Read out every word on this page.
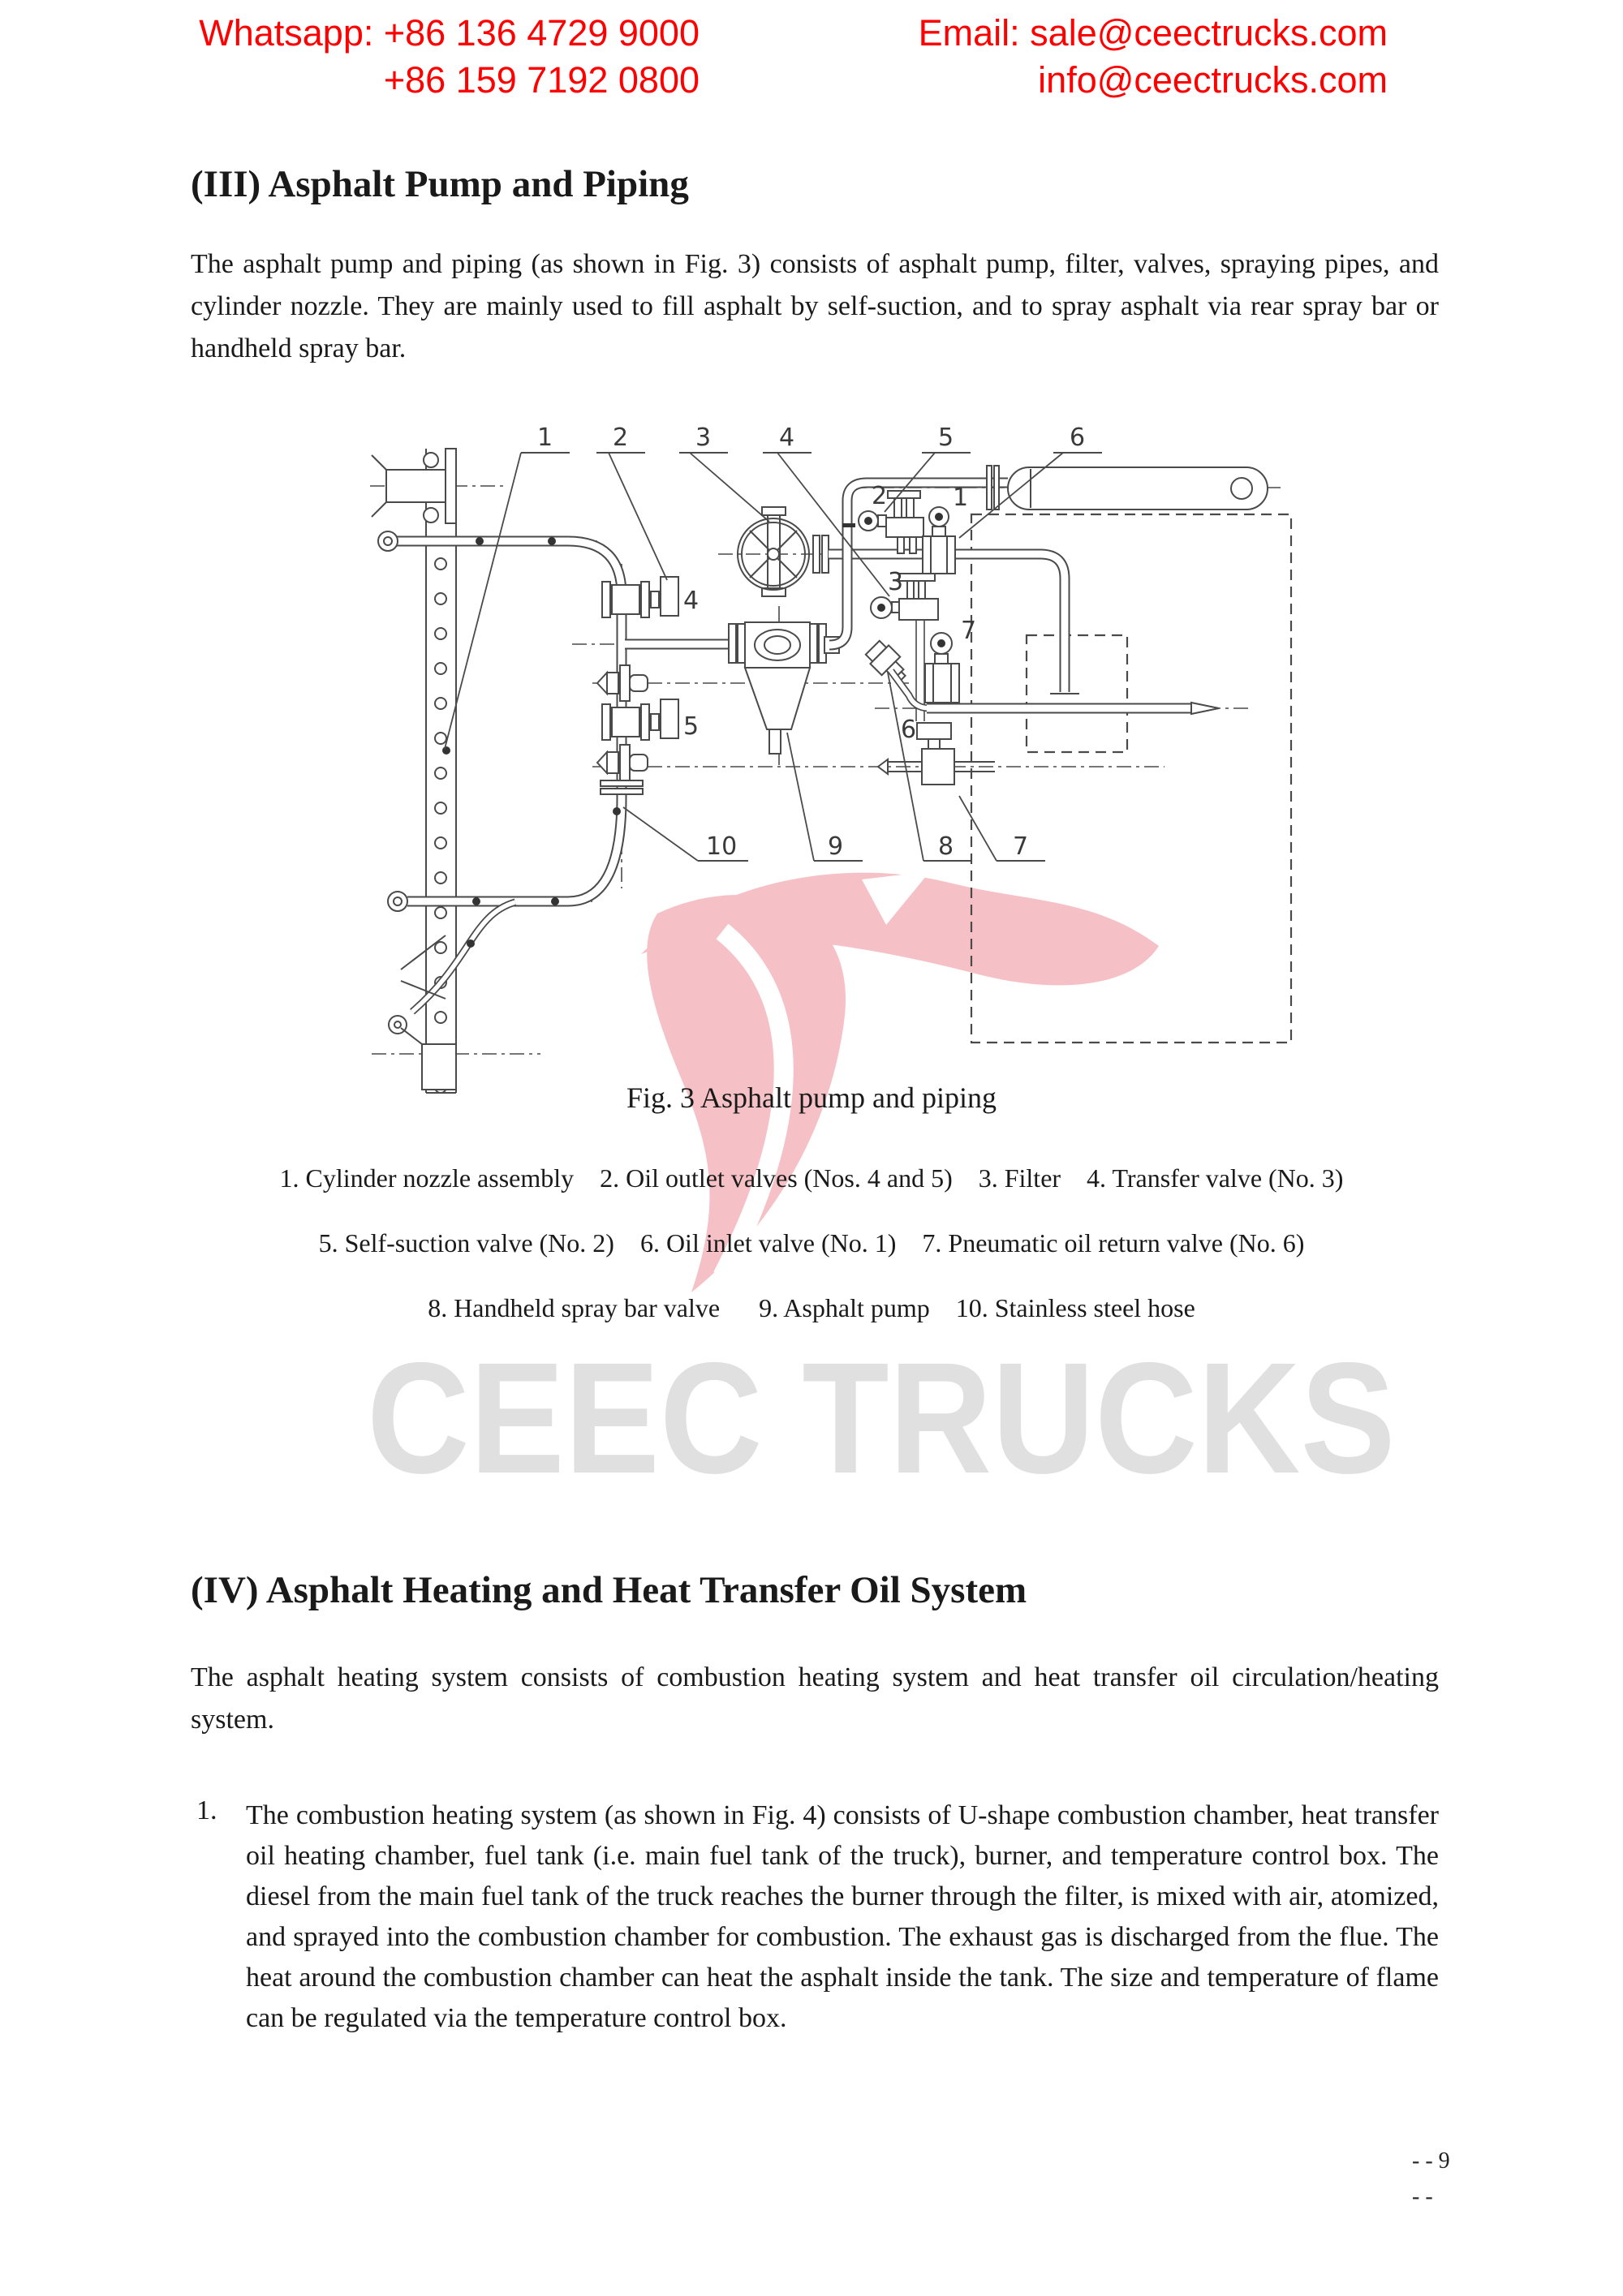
Whatsapp: +86 136 4729 9000
+86 159 7192 0800
Email: sale@ceectrucks.com
info@ceectrucks.com
(III) Asphalt Pump and Piping
The asphalt pump and piping (as shown in Fig. 3) consists of asphalt pump, filter, valves, spraying pipes, and cylinder nozzle. They are mainly used to fill asphalt by self-suction, and to spray asphalt via rear spray bar or handheld spray bar.
CEEC TRUCKS
1 2	3	4	5	6
10	9	8 7
4
5
2	1
3
7
6
Fig. 3 Asphalt pump and piping
1. Cylinder nozzle assembly    2. Oil outlet valves (Nos. 4 and 5)    3. Filter    4. Transfer valve (No. 3)
5. Self-suction valve (No. 2)    6. Oil inlet valve (No. 1)    7. Pneumatic oil return valve (No. 6)
8. Handheld spray bar valve      9. Asphalt pump    10. Stainless steel hose
(IV) Asphalt Heating and Heat Transfer Oil System
The asphalt heating system consists of combustion heating system and heat transfer oil circulation/heating system.
1. The combustion heating system (as shown in Fig. 4) consists of U-shape combustion chamber, heat transfer oil heating chamber, fuel tank (i.e. main fuel tank of the truck), burner, and temperature control box. The diesel from the main fuel tank of the truck reaches the burner through the filter, is mixed with air, atomized, and sprayed into the combustion chamber for combustion. The exhaust gas is discharged from the flue. The heat around the combustion chamber can heat the asphalt inside the tank. The size and temperature of flame can be regulated via the temperature control box.
- - 9
- -
